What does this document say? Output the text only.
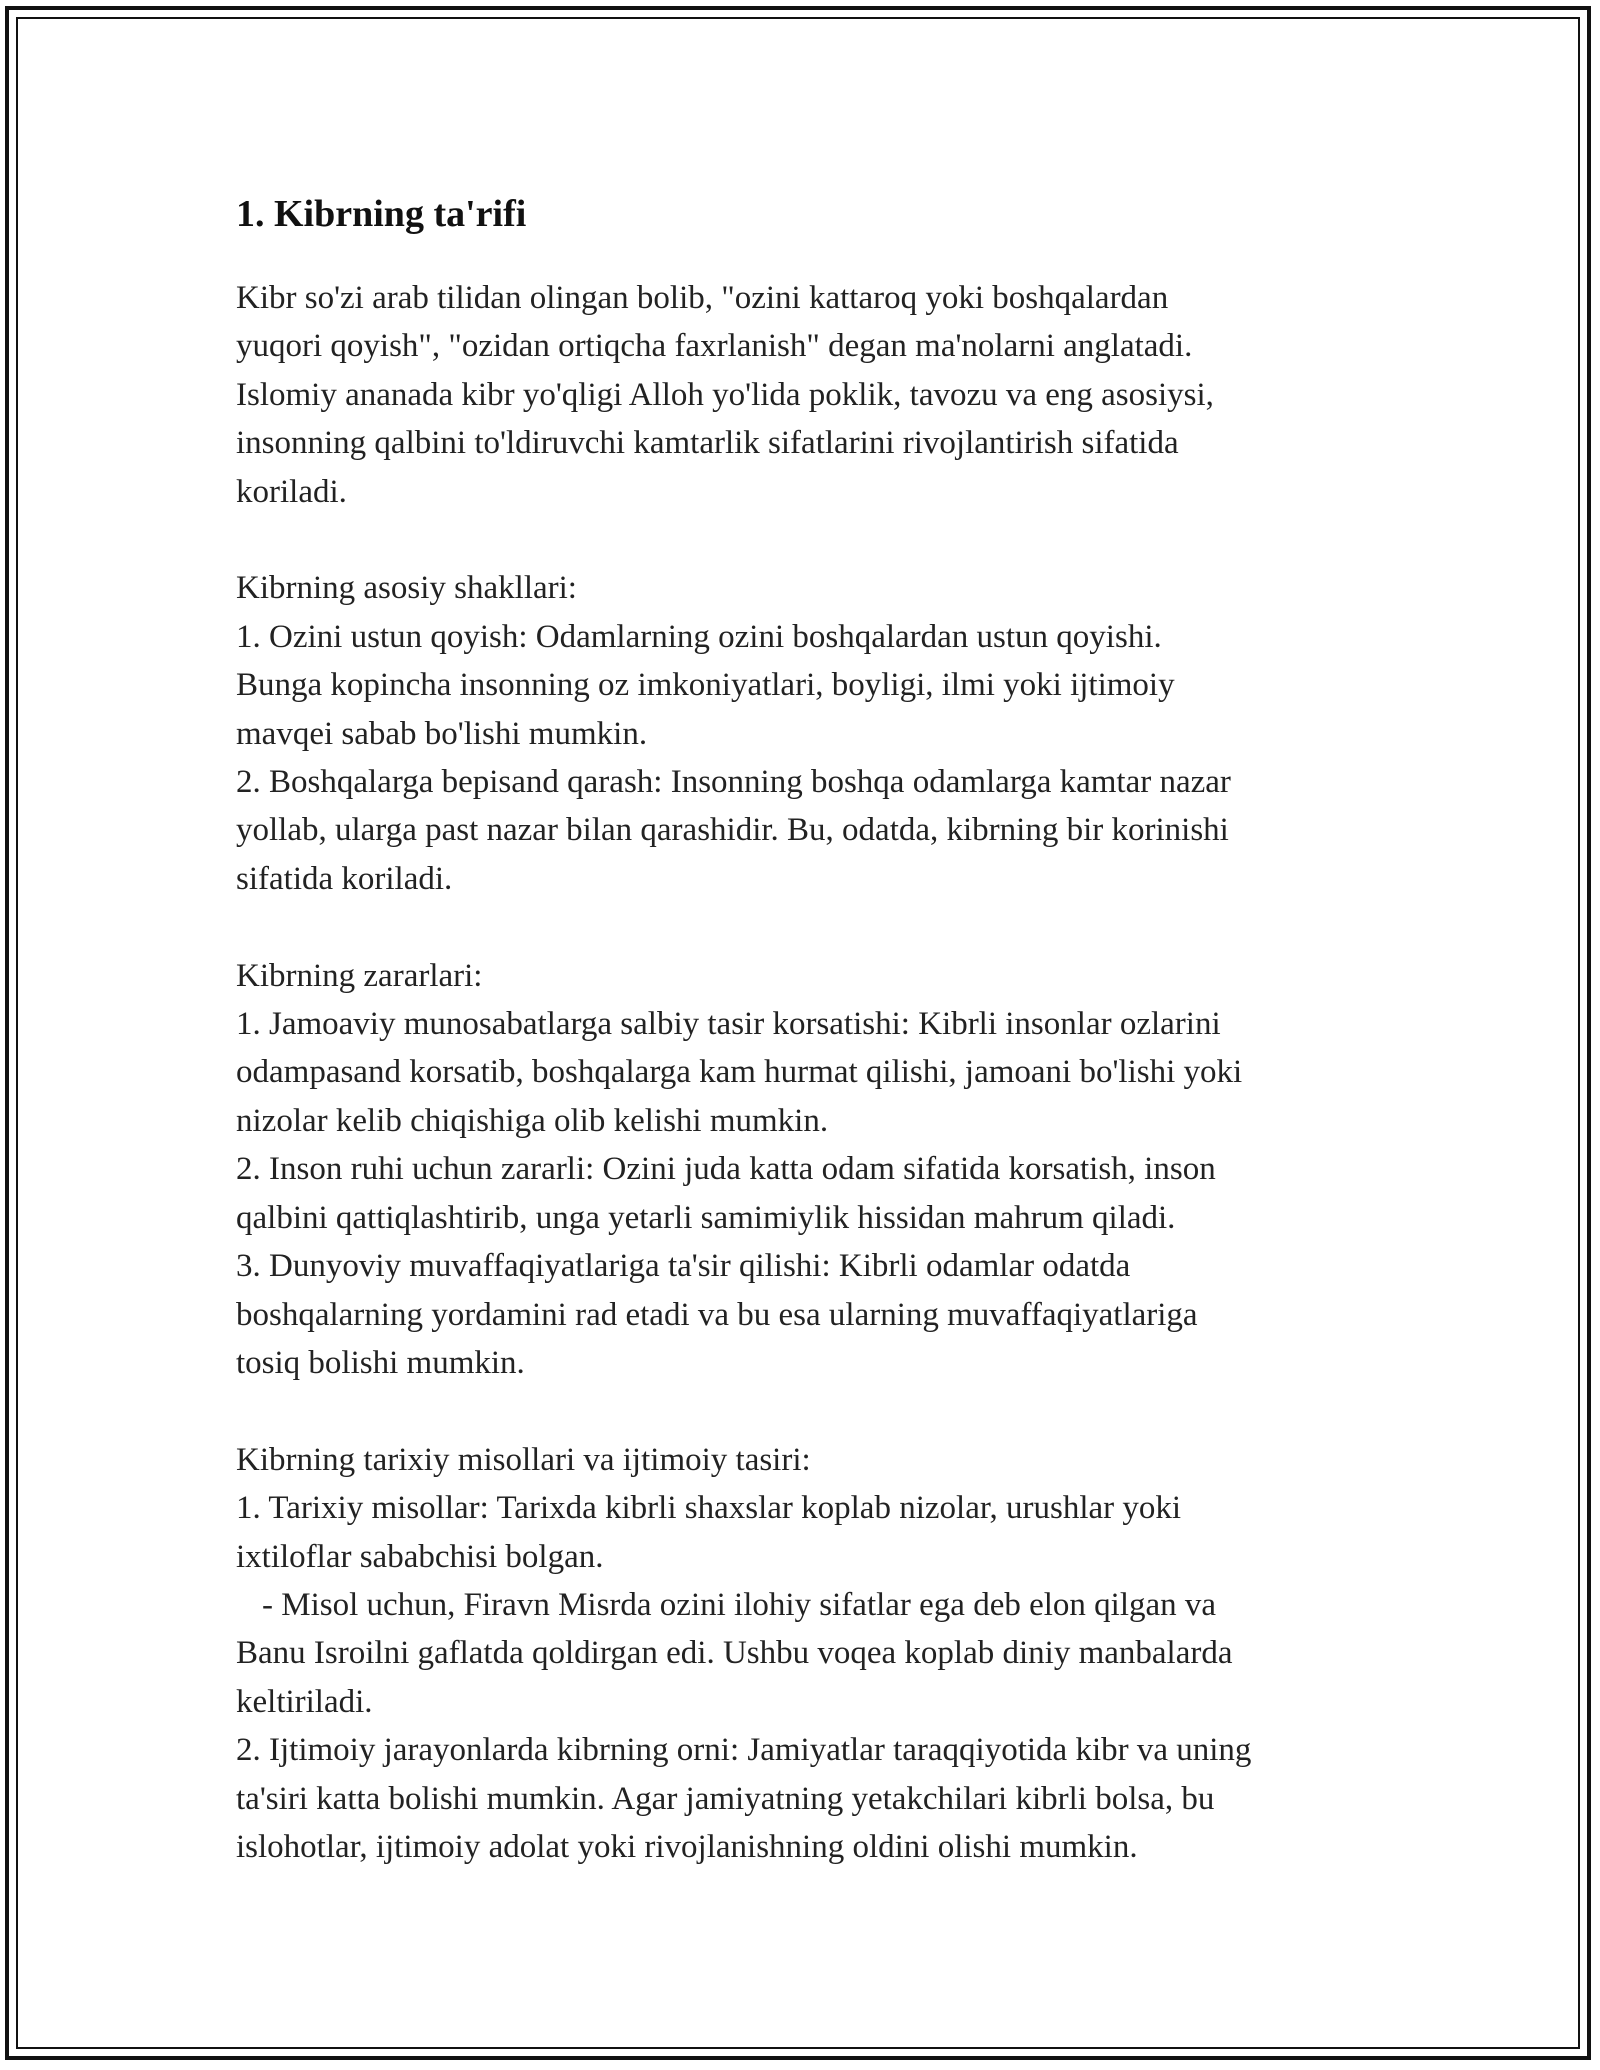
1. Kibrning ta'rifi
Kibr so'zi arab tilidan olingan bolib, "ozini kattaroq yoki boshqalardan
yuqori qoyish", "ozidan ortiqcha faxrlanish" degan ma'nolarni anglatadi.
Islomiy ananada kibr yo'qligi Alloh yo'lida poklik, tavozu va eng asosiysi,
insonning qalbini to'ldiruvchi kamtarlik sifatlarini rivojlantirish sifatida
koriladi.
Kibrning asosiy shakllari:
1. Ozini ustun qoyish: Odamlarning ozini boshqalardan ustun qoyishi.
Bunga kopincha insonning oz imkoniyatlari, boyligi, ilmi yoki ijtimoiy
mavqei sabab bo'lishi mumkin.
2. Boshqalarga bepisand qarash: Insonning boshqa odamlarga kamtar nazar
yollab, ularga past nazar bilan qarashidir. Bu, odatda, kibrning bir korinishi
sifatida koriladi.
Kibrning zararlari:
1. Jamoaviy munosabatlarga salbiy tasir korsatishi: Kibrli insonlar ozlarini
odampasand korsatib, boshqalarga kam hurmat qilishi, jamoani bo'lishi yoki
nizolar kelib chiqishiga olib kelishi mumkin.
2. Inson ruhi uchun zararli: Ozini juda katta odam sifatida korsatish, inson
qalbini qattiqlashtirib, unga yetarli samimiylik hissidan mahrum qiladi.
3. Dunyoviy muvaffaqiyatlariga ta'sir qilishi: Kibrli odamlar odatda
boshqalarning yordamini rad etadi va bu esa ularning muvaffaqiyatlariga
tosiq bolishi mumkin.
Kibrning tarixiy misollari va ijtimoiy tasiri:
1. Tarixiy misollar: Tarixda kibrli shaxslar koplab nizolar, urushlar yoki
ixtiloflar sababchisi bolgan.
- Misol uchun, Firavn Misrda ozini ilohiy sifatlar ega deb elon qilgan va
Banu Isroilni gaflatda qoldirgan edi. Ushbu voqea koplab diniy manbalarda
keltiriladi.
2. Ijtimoiy jarayonlarda kibrning orni: Jamiyatlar taraqqiyotida kibr va uning
ta'siri katta bolishi mumkin. Agar jamiyatning yetakchilari kibrli bolsa, bu
islohotlar, ijtimoiy adolat yoki rivojlanishning oldini olishi mumkin.
